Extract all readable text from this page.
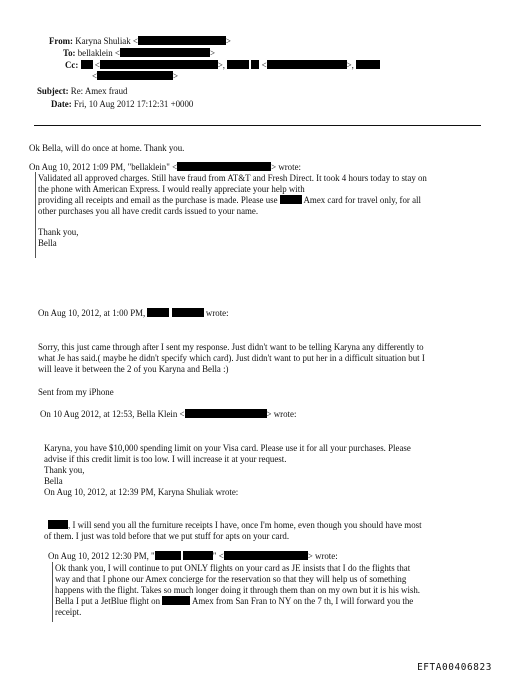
From: Karyna Shuliak <	>
To: bellaklein <	>
Cc:  <	>,	<	>,
<	>
Subject: Re: Amex fraud
Date: Fri, 10 Aug 2012 17:12:31 +0000
Ok Bella, will do once at home. Thank you.
On Aug 10, 2012 1:09 PM, "bellaklein" <	> wrote:
Validated all approved charges. Still have fraud from AT&T and Fresh Direct. It took 4 hours today to stay on
the phone with American Express. I would really appreciate your help with
providing all receipts and email as the purchase is made. Please use	Amex card for travel only, for all
other purchases you all have credit cards issued to your name.
Thank you,
Bella
On Aug 10, 2012, at 1:00 PM,	wrote:
Sorry, this just came through after I sent my response. Just didn't want to be telling Karyna any differently to
what Je has said.( maybe he didn't specify which card). Just didn't want to put her in a difficult situation but I
will leave it between the 2 of you Karyna and Bella :)
Sent from my iPhone
On 10 Aug 2012, at 12:53, Bella Klein <	> wrote:
Karyna, you have $10,000 spending limit on your Visa card. Please use it for all your purchases. Please
advise if this credit limit is too low. I will increase it at your request.
Thank you,
Bella
On Aug 10, 2012, at 12:39 PM, Karyna Shuliak wrote:
, I will send you all the furniture receipts I have, once I'm home, even though you should have most
of them. I just was told before that we put stuff for apts on your card.
On Aug 10, 2012 12:30 PM, "	" <	> wrote:
Ok thank you, I will continue to put ONLY flights on your card as JE insists that I do the flights that
way and that I phone our Amex concierge for the reservation so that they will help us of something
happens with the flight. Takes so much longer doing it through them than on my own but it is his wish.
Bella I put a JetBlue flight on	Amex from San Fran to NY on the 7 th, I will forward you the
receipt.
EFTA00406823
